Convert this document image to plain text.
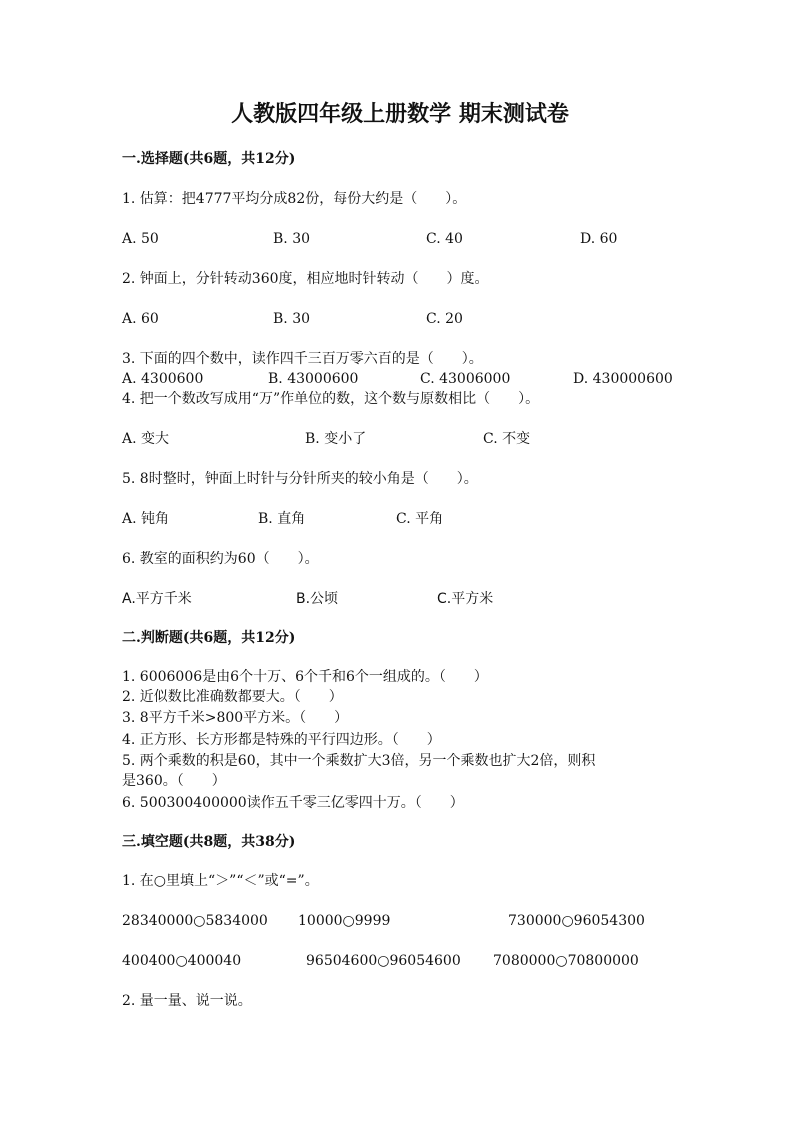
人教版四年级上册数学 期末测试卷
一.选择题(共6题，共12分)
1. 估算：把4777平均分成82份，每份大约是（　　）。
A. 50	B. 30	C. 40	D. 60
2. 钟面上，分针转动360度，相应地时针转动（　　）度。
A. 60	B. 30	C. 20
3. 下面的四个数中，读作四千三百万零六百的是（　　）。
A. 4300600	B. 43000600	C. 43006000	D. 430000600
4. 把一个数改写成用“万”作单位的数，这个数与原数相比（　　）。
A. 变大	B. 变小了	C. 不变
5. 8时整时，钟面上时针与分针所夹的较小角是（　　）。
A. 钝角	B. 直角	C. 平角
6. 教室的面积约为60（　　）。
A.平方千米	B.公顷	C.平方米
二.判断题(共6题，共12分)
1. 6006006是由6个十万、6个千和6个一组成的。（　　）
2. 近似数比准确数都要大。（　　）
3. 8平方千米>800平方米。（　　）
4. 正方形、长方形都是特殊的平行四边形。（　　）
5. 两个乘数的积是60，其中一个乘数扩大3倍，另一个乘数也扩大2倍，则积
是360。（　　）
6. 500300400000读作五千零三亿零四十万。（　　）
三.填空题(共8题，共38分)
1. 在○里填上“＞”“＜”或“=”。
28340000○5834000 10000○9999	730000○96054300
400400○400040	96504600○96054600 7080000○70800000
2. 量一量、说一说。
